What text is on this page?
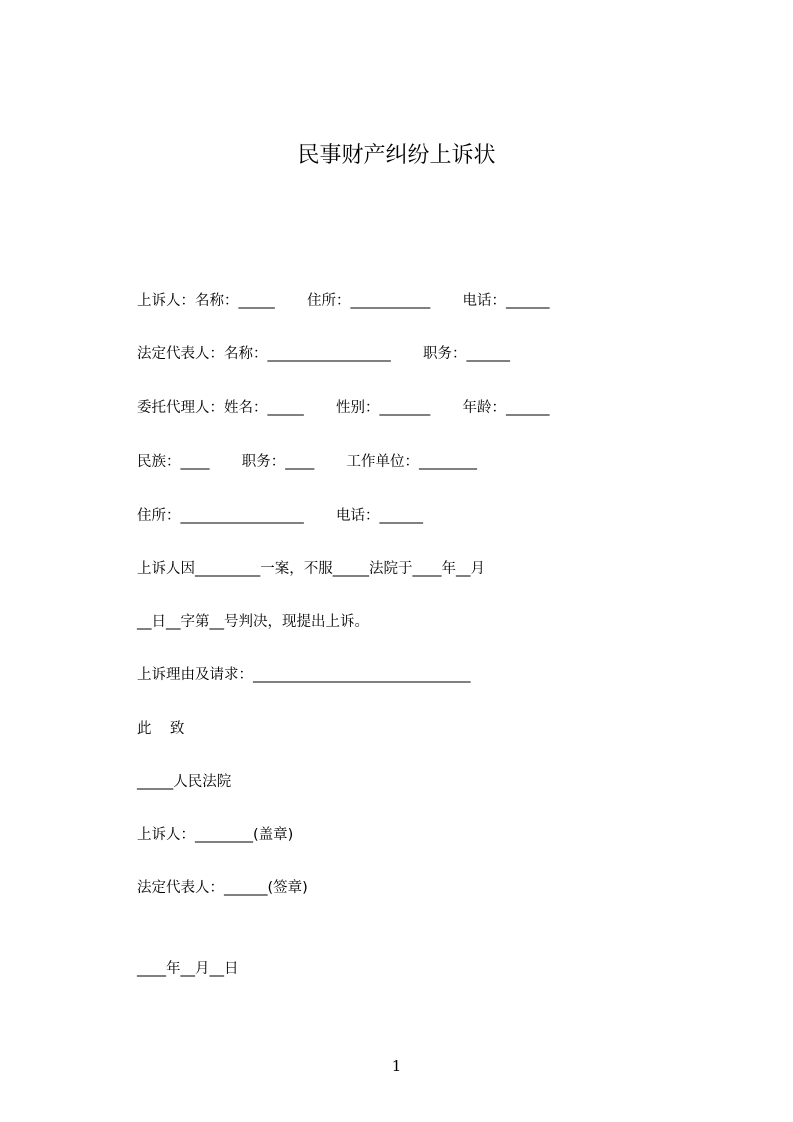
民事财产纠纷上诉状
上诉人：名称：_____       住所：___________       电话：______
法定代表人：名称：_________________       职务：______
委托代理人：姓名：_____       性别：_______       年龄：______
民族：____       职务：____       工作单位：________
住所：_________________       电话：______
上诉人因_________一案，不服_____法院于____年__月
__日__字第__号判决，现提出上诉。
上诉理由及请求：______________________________
此    致
_____人民法院
上诉人：________(盖章)
法定代表人：______(签章)
____年__月__日
1
